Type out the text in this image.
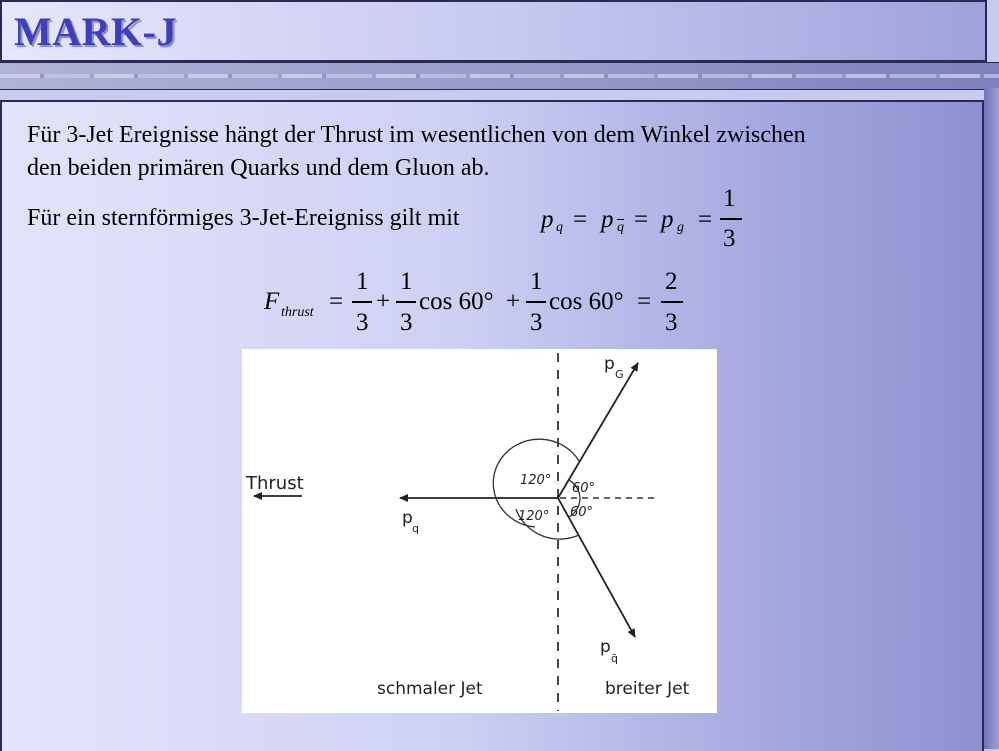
MARK-J
Für 3-Jet Ereignisse hängt der Thrust im wesentlichen von dem Winkel zwischen
den beiden primären Quarks und dem Gluon ab.
Für ein sternförmiges 3-Jet-Ereigniss gilt mit	p q = p $\overline{q} = p$ g =
1
3
F thrust =
1
3
+
1
3
cos 60° +
1
3
cos 60° =
2
3
Thrust
p
q
p
G
p
q̄
120°
120°
60°
60°
schmaler Jet	breiter Jet
